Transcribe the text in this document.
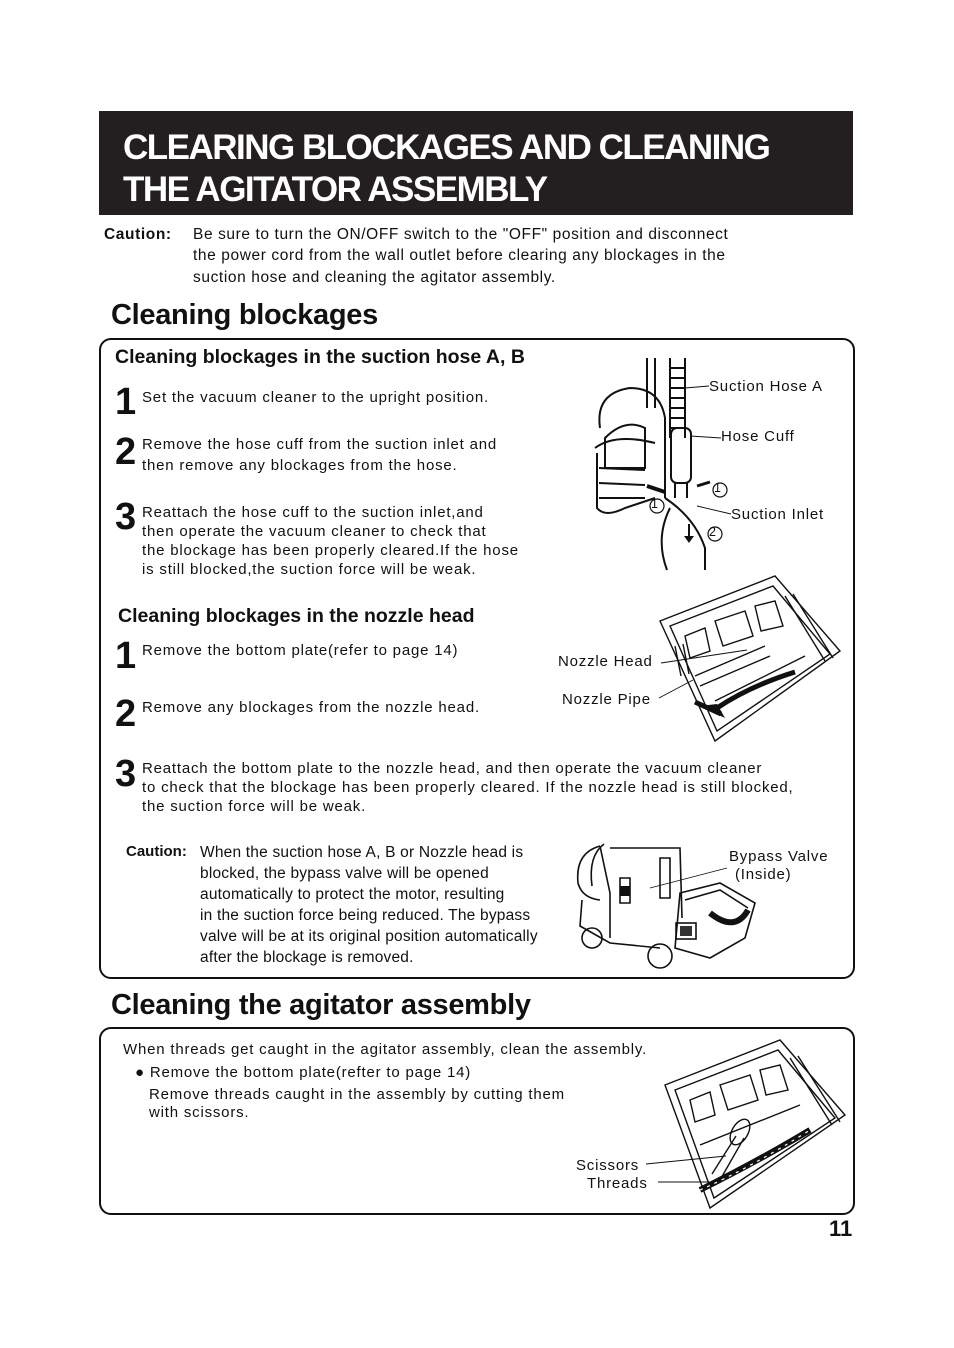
CLEARING BLOCKAGES AND CLEANING
THE AGITATOR ASSEMBLY
Caution: Be sure to turn the ON/OFF switch to the "OFF" position and disconnect
the power cord from the wall outlet before clearing any blockages in the
suction hose and cleaning the agitator assembly.
Cleaning blockages
Cleaning blockages in the suction hose A, B
1 Set the vacuum cleaner to the upright position.
2 Remove the hose cuff from the suction inlet and
then remove any blockages from the hose.
3 Reattach the hose cuff to the suction inlet,and
then operate the vacuum cleaner to check that
the blockage has been properly cleared.If the hose
is still blocked,the suction force will be weak.
1
1
2
Suction Hose A
Hose Cuff
Suction Inlet
Cleaning blockages in the nozzle head
1 Remove the bottom plate(refer to page 14)
2 Remove any blockages from the nozzle head.
3 Reattach the bottom plate to the nozzle head, and then operate the vacuum cleaner
to check that the blockage has been properly cleared. If the nozzle head is still blocked,
the suction force will be weak.
Nozzle Head
Nozzle Pipe
Caution: When the suction hose A, B or Nozzle head is
blocked, the bypass valve will be opened
automatically to protect the motor, resulting
in the suction force being reduced. The bypass
valve will be at its original position automatically
after the blockage is removed.
Bypass Valve
(Inside)
Cleaning the agitator assembly
When threads get caught in the agitator assembly, clean the assembly.
● Remove the bottom plate(refter to page 14)
Remove threads caught in the assembly by cutting them
with scissors.
Scissors
Threads
11
